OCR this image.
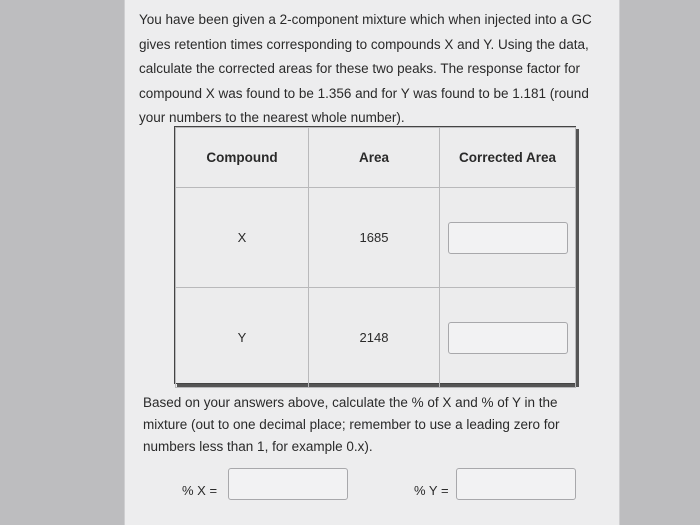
You have been given a 2-component mixture which when injected into a GC gives retention times corresponding to compounds X and Y. Using the data, calculate the corrected areas for these two peaks. The response factor for compound X was found to be 1.356 and for Y was found to be 1.181 (round your numbers to the nearest whole number).

Compound	Area	Corrected Area
X	1685	

Y	2148	

Based on your answers above, calculate the % of X and % of Y in the mixture (out to one decimal place; remember to use a leading zero for numbers less than 1, for example 0.x).

% X =	% Y =
